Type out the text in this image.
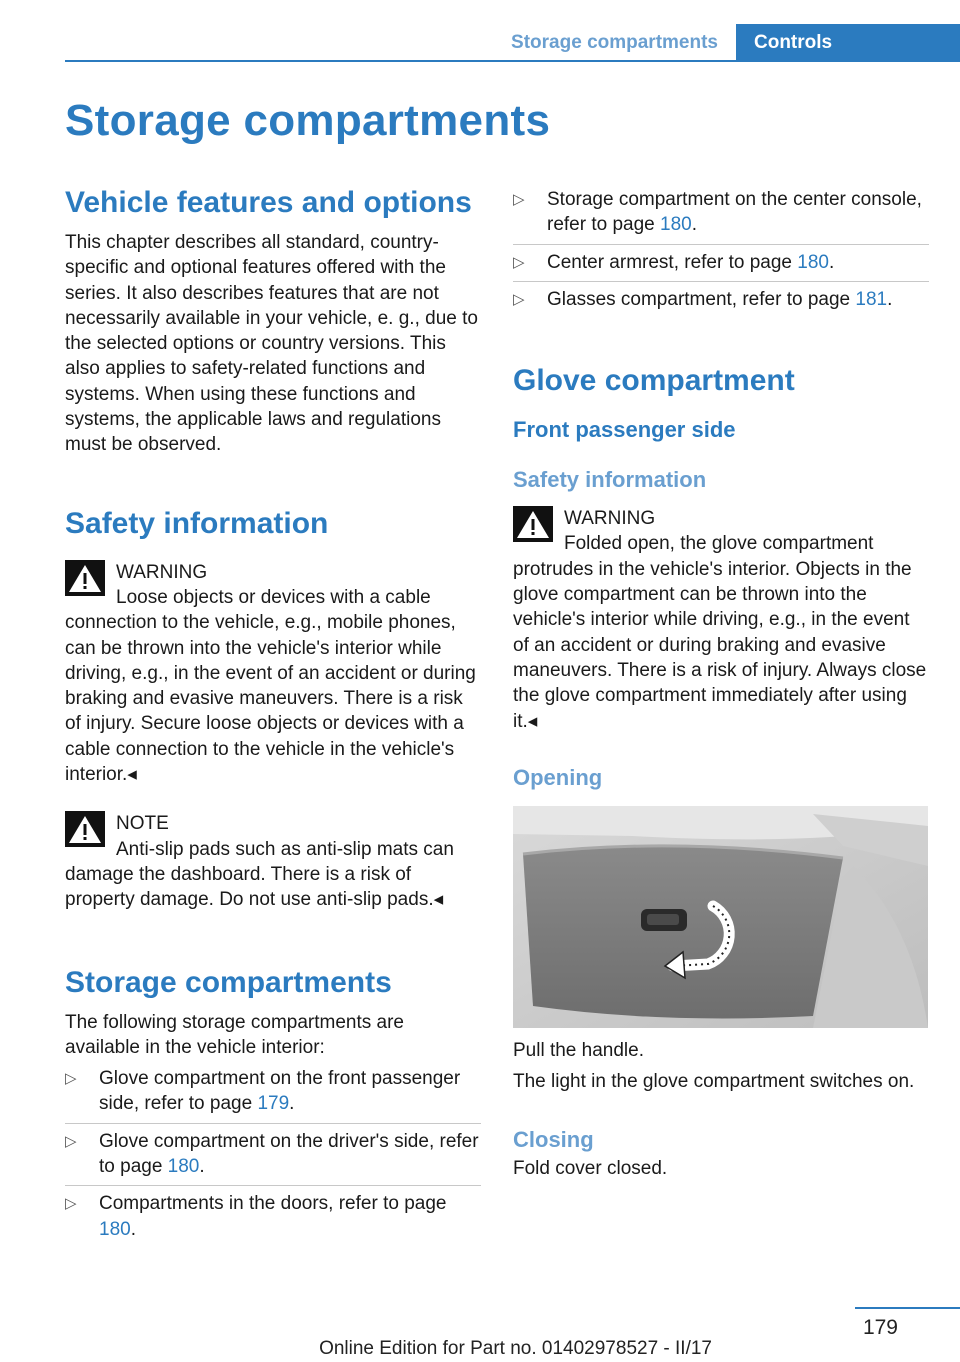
Storage compartments	Controls
Storage compartments
Vehicle features and options

This chapter describes all standard, country-specific and optional features offered with the series. It also describes features that are not necessarily available in your vehicle, e. g., due to the selected options or country versions. This also applies to safety-related functions and systems. When using these functions and systems, the applicable laws and regulations must be observed.

Safety information
WARNING

Loose objects or devices with a cable connection to the vehicle, e.g., mobile phones, can be thrown into the vehicle's interior while driving, e.g., in the event of an accident or during braking and evasive maneuvers. There is a risk of injury. Secure loose objects or devices with a cable connection to the vehicle in the vehicle's interior.◂

NOTE

Anti-slip pads such as anti-slip mats can damage the dashboard. There is a risk of property damage. Do not use anti-slip pads.◂

Storage compartments

The following storage compartments are available in the vehicle interior:

▷	Glove compartment on the front passenger side, refer to page 179.
▷	Glove compartment on the driver's side, refer to page 180.
▷	Compartments in the doors, refer to page 180.
▷	Storage compartment on the center console, refer to page 180.
▷	Center armrest, refer to page 180.
▷	Glasses compartment, refer to page 181.
Glove compartment
Front passenger side
Safety information
WARNING

Folded open, the glove compartment protrudes in the vehicle's interior. Objects in the glove compartment can be thrown into the vehicle's interior while driving, e.g., in the event of an accident or during braking and evasive maneuvers. There is a risk of injury. Always close the glove compartment immediately after using it.◂

Opening

Pull the handle.

The light in the glove compartment switches on.

Closing

Fold cover closed.

179
Online Edition for Part no. 01402978527 - II/17
